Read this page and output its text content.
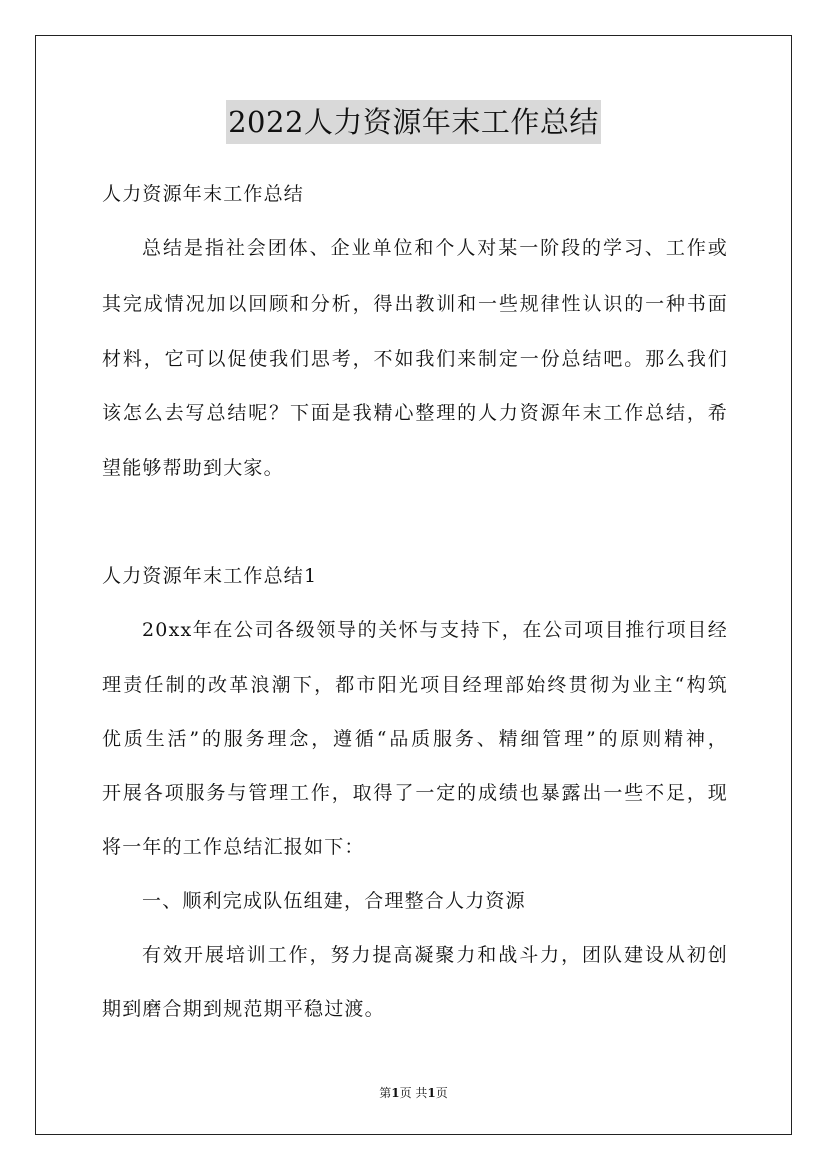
2022人力资源年末工作总结
人力资源年末工作总结
总结是指社会团体、企业单位和个人对某一阶段的学习、工作或
其完成情况加以回顾和分析，得出教训和一些规律性认识的一种书面
材料，它可以促使我们思考，不如我们来制定一份总结吧。那么我们
该怎么去写总结呢？下面是我精心整理的人力资源年末工作总结，希
望能够帮助到大家。
人力资源年末工作总结1
20xx年在公司各级领导的关怀与支持下，在公司项目推行项目经
理责任制的改革浪潮下，都市阳光项目经理部始终贯彻为业主“构筑
优质生活”的服务理念，遵循“品质服务、精细管理”的原则精神，
开展各项服务与管理工作，取得了一定的成绩也暴露出一些不足，现
将一年的工作总结汇报如下：
一、顺利完成队伍组建，合理整合人力资源
有效开展培训工作，努力提高凝聚力和战斗力，团队建设从初创
期到磨合期到规范期平稳过渡。
第1页 共1页
